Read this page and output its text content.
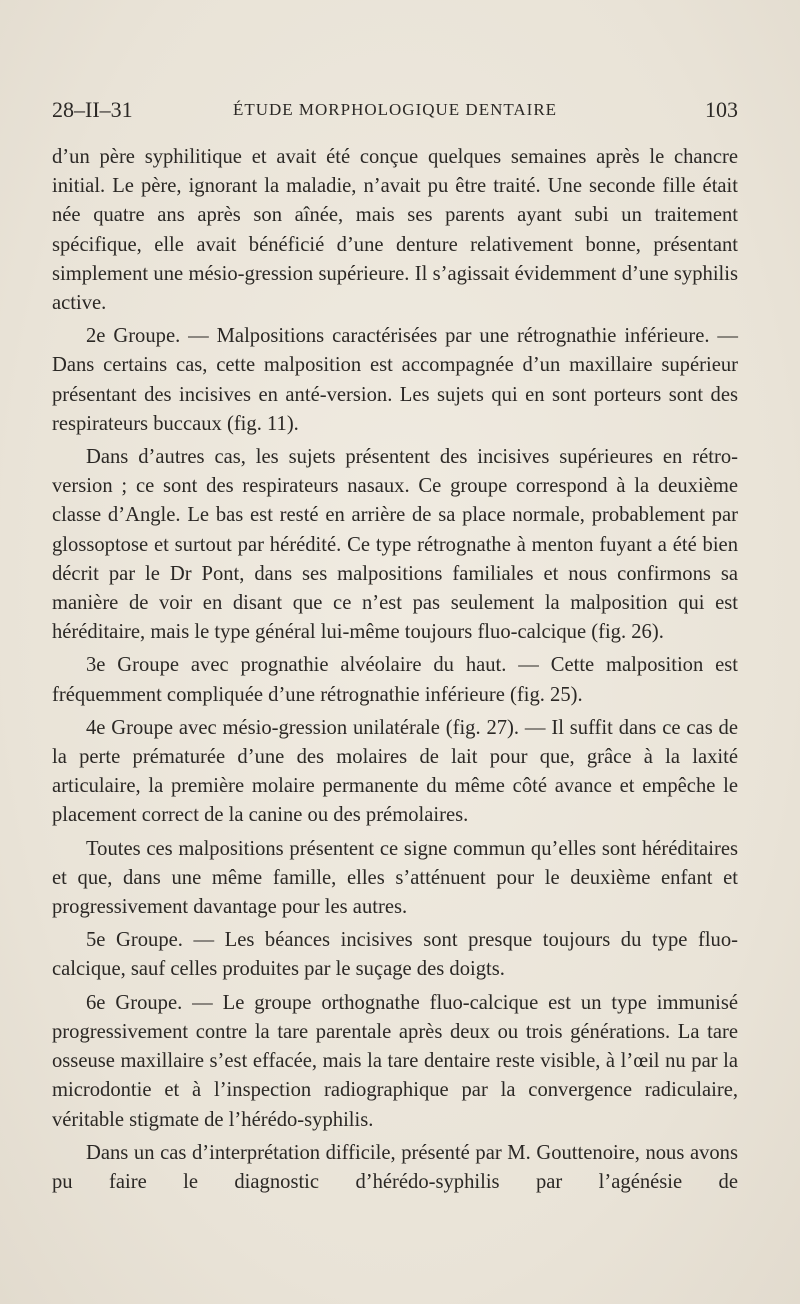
28–II–31	ÉTUDE MORPHOLOGIQUE DENTAIRE	103

d’un père syphilitique et avait été conçue quelques semaines après le chancre initial. Le père, ignorant la maladie, n’avait pu être traité. Une seconde fille était née quatre ans après son aînée, mais ses parents ayant subi un traitement spécifique, elle avait bénéficié d’une denture relativement bonne, présentant simplement une mésio-gression supérieure. Il s’agissait évidemment d’une syphilis active.

2e Groupe. — Malpositions caractérisées par une rétrognathie inférieure. — Dans certains cas, cette malposition est accompagnée d’un maxillaire supérieur présentant des incisives en anté-version. Les sujets qui en sont porteurs sont des respirateurs buccaux (fig. 11).

Dans d’autres cas, les sujets présentent des incisives supérieures en rétro-version ; ce sont des respirateurs nasaux. Ce groupe correspond à la deuxième classe d’Angle. Le bas est resté en arrière de sa place normale, probablement par glossoptose et surtout par hérédité. Ce type rétrognathe à menton fuyant a été bien décrit par le Dr Pont, dans ses malpositions familiales et nous confirmons sa manière de voir en disant que ce n’est pas seulement la malposition qui est héréditaire, mais le type général lui-même toujours fluo-calcique (fig. 26).

3e Groupe avec prognathie alvéolaire du haut. — Cette malposition est fréquemment compliquée d’une rétrognathie inférieure (fig. 25).

4e Groupe avec mésio-gression unilatérale (fig. 27). — Il suffit dans ce cas de la perte prématurée d’une des molaires de lait pour que, grâce à la laxité articulaire, la première molaire permanente du même côté avance et empêche le placement correct de la canine ou des prémolaires.

Toutes ces malpositions présentent ce signe commun qu’elles sont héréditaires et que, dans une même famille, elles s’atténuent pour le deuxième enfant et progressivement davantage pour les autres.

5e Groupe. — Les béances incisives sont presque toujours du type fluo-calcique, sauf celles produites par le suçage des doigts.

6e Groupe. — Le groupe orthognathe fluo-calcique est un type immunisé progressivement contre la tare parentale après deux ou trois générations. La tare osseuse maxillaire s’est effacée, mais la tare dentaire reste visible, à l’œil nu par la microdontie et à l’inspection radiographique par la convergence radiculaire, véritable stigmate de l’hérédo-syphilis.

Dans un cas d’interprétation difficile, présenté par M. Gouttenoire, nous avons pu faire le diagnostic d’hérédo-syphilis par l’agénésie de
